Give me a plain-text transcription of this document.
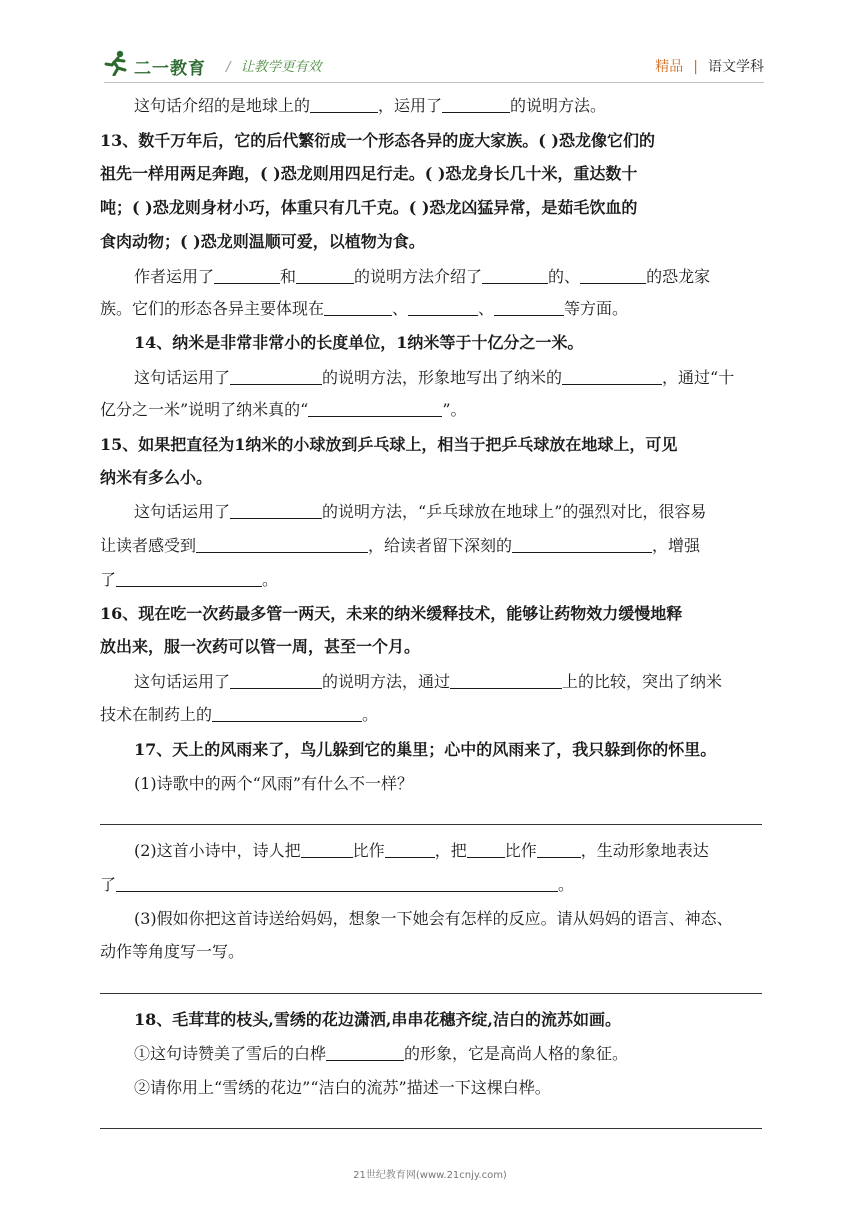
二一教育 / 让教学更有效	精品 | 语文学科
这句话介绍的是地球上的	，运用了	的说明方法。
13、数千万年后，它的后代繁衍成一个形态各异的庞大家族。( )恐龙像它们的
祖先一样用两足奔跑，( )恐龙则用四足行走。( )恐龙身长几十米，重达数十
吨；( )恐龙则身材小巧，体重只有几千克。( )恐龙凶猛异常，是茹毛饮血的
食肉动物；( )恐龙则温顺可爱，以植物为食。
作者运用了	和	的说明方法介绍了	的、	的恐龙家
族。它们的形态各异主要体现在	、	、	等方面。
14、纳米是非常非常小的长度单位，1纳米等于十亿分之一米。
这句话运用了	的说明方法，形象地写出了纳米的	，通过“十
亿分之一米”说明了纳米真的“	”。
15、如果把直径为1纳米的小球放到乒乓球上，相当于把乒乓球放在地球上，可见
纳米有多么小。
这句话运用了	的说明方法，“乒乓球放在地球上”的强烈对比，很容易
让读者感受到	，给读者留下深刻的	，增强
了	。
16、现在吃一次药最多管一两天，未来的纳米缓释技术，能够让药物效力缓慢地释
放出来，服一次药可以管一周，甚至一个月。
这句话运用了	的说明方法，通过	上的比较，突出了纳米
技术在制药上的	。
17、天上的风雨来了，鸟儿躲到它的巢里；心中的风雨来了，我只躲到你的怀里。
(1)诗歌中的两个“风雨”有什么不一样？
(2)这首小诗中，诗人把	比作	，把 比作	，生动形象地表达
了	。
(3)假如你把这首诗送给妈妈，想象一下她会有怎样的反应。请从妈妈的语言、神态、
动作等角度写一写。
18、毛茸茸的枝头,雪绣的花边潇洒,串串花穗齐绽,洁白的流苏如画。
①这句诗赞美了雪后的白桦	的形象，它是高尚人格的象征。
②请你用上“雪绣的花边”“洁白的流苏”描述一下这棵白桦。
21世纪教育网(www.21cnjy.com)
